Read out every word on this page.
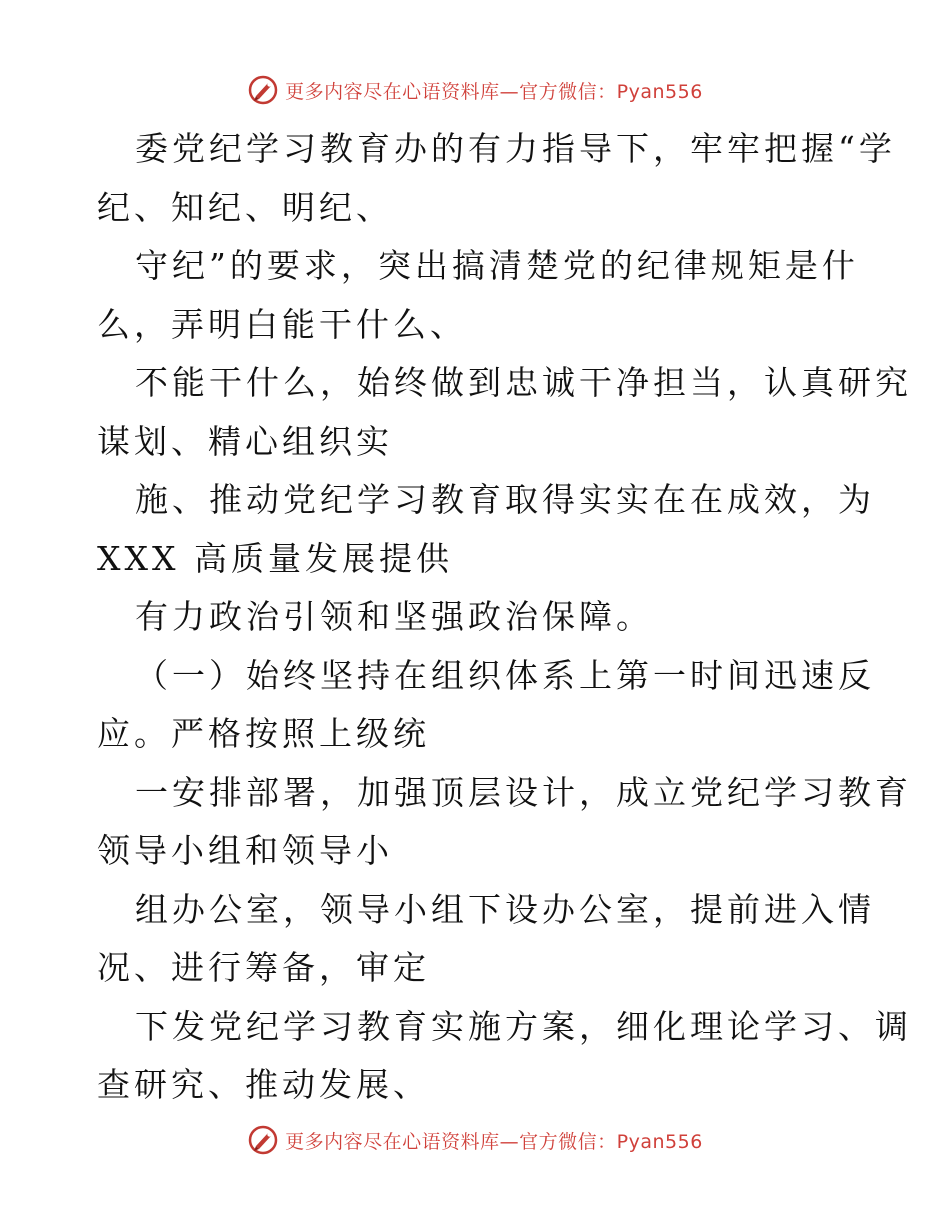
更多内容尽在心语资料库—官方微信：Pyan556
委党纪学习教育办的有力指导下，牢牢把握“学
纪、知纪、明纪、
守纪”的要求，突出搞清楚党的纪律规矩是什
么，弄明白能干什么、
不能干什么，始终做到忠诚干净担当，认真研究
谋划、精心组织实
施、推动党纪学习教育取得实实在在成效，为
XXX 高质量发展提供
有力政治引领和坚强政治保障。
（一）始终坚持在组织体系上第一时间迅速反
应。严格按照上级统
一安排部署，加强顶层设计，成立党纪学习教育
领导小组和领导小
组办公室，领导小组下设办公室，提前进入情
况、进行筹备，审定
下发党纪学习教育实施方案，细化理论学习、调
查研究、推动发展、
更多内容尽在心语资料库—官方微信：Pyan556
